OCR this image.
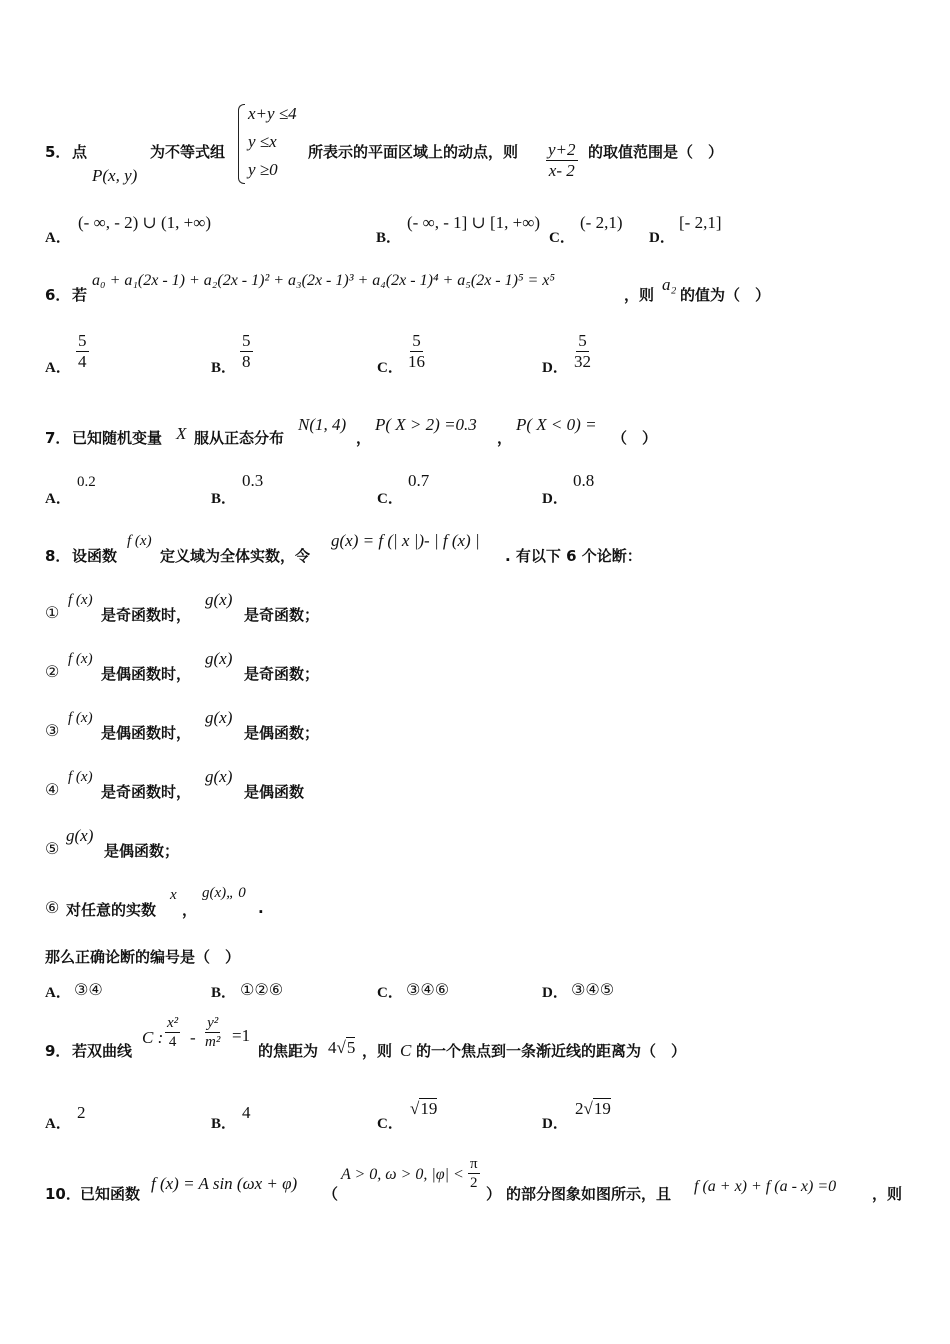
5． 点
P(x, y)
为不等式组
x+y ≤4
y ≤x
y ≥0
所表示的平面区域上的动点，则 $\frac{y+2}{x- 2}$ 的取值范围是（　）
A．
(- ∞, - 2) ∪ (1, +∞)
B．
(- ∞, - 1] ∪ [1, +∞)
C．
(- 2,1)
D．
[- 2,1]
6． 若
a₀ + a₁(2x - 1) + a₂(2x - 1)² + a₃(2x - 1)³ + a₄(2x - 1)⁴ + a₅(2x - 1)⁵ = x⁵
，则
a₂
的值为（　）
A． $\frac{5}{4}$	B． $\frac{5}{8}$	C． $\frac{5}{16}$	D． $\frac{5}{32}$
7． 已知随机变量 X 服从正态分布
N(1, 4)
，
P( X > 2) =0.3
，
P( X < 0) =
（　）
A．
0.2
B．
0.3
C．
0.7
D．
0.8
8． 设函数
f (x)
定义域为全体实数，令
g(x) = f (| x |)- | f (x) |
. 有以下 6 个论断：
①
f (x)
是奇函数时，
g(x)
是奇函数；
②
f (x)
是偶函数时，
g(x)
是奇函数；
③
f (x)
是偶函数时，
g(x)
是偶函数；
④
f (x)
是奇函数时，
g(x)
是偶函数
⑤
g(x)
是偶函数；
⑥ 对任意的实数
x
，
g(x)„ 0
.
那么正确论断的编号是（　）
A． ③④	B． ①②⑥	C． ③④⑥	D． ③④⑤
9． 若双曲线
C : $\frac{\text{x²}}{4} - \frac{\text{y²}}{\text{m²}} =1$
的焦距为 4√5 ，则 C 的一个焦点到一条渐近线的距离为（　）
A．
2
B．
4
C．
√19
D．
2√19
10． 已知函数
f (x) = A sin (ωx + φ)
（
A > 0, ω > 0, $|\varphi| < \frac{\pi}{2}$
） 的部分图象如图所示，且 f (a + x) + f (a - x) =0 ，则
